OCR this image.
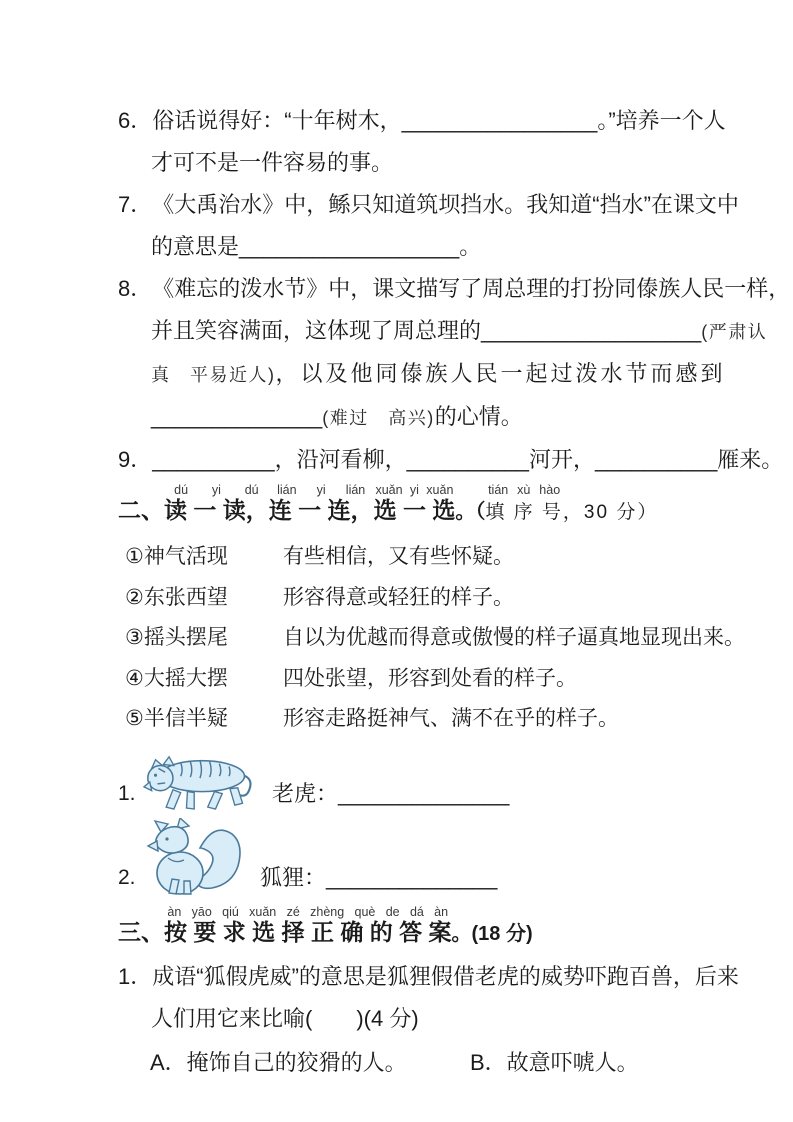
6．俗话说得好：“十年树木，________________。”培养一个人
才可不是一件容易的事。
7．《大禹治水》中，鲧只知道筑坝挡水。我知道“挡水”在课文中
的意思是__________________。
8．《难忘的泼水节》中，课文描写了周总理的打扮同傣族人民一样，
并且笑容满面，这体现了周总理的__________________(严肃认
真　平易近人)，以及他同傣族人民一起过泼水节而感到
______________(难过　高兴)的心情。
9．__________，沿河看柳，__________河开，__________雁来。
二、读 一 读，dú yi dú连 一 连，lián yi lián选 一 选xuǎn yi xuǎn。（填 序 号tián xù hào，30 分）
①神气活现	有些相信，又有些怀疑。
②东张西望	形容得意或轻狂的样子。
③摇头摆尾	自以为优越而得意或傲慢的样子逼真地显现出来。
④大摇大摆	四处张望，形容到处看的样子。
⑤半信半疑	形容走路挺神气、满不在乎的样子。
1.	老虎：______________
2.	狐狸：______________
三、按 要 求 选 择 正 确 的 答 案àn yāo qiú xuǎn zé zhèng què de dá àn。(18 分)
1．成语“狐假虎威”的意思是狐狸假借老虎的威势吓跑百兽，后来
人们用它来比喻(　　)(4 分)
A．掩饰自己的狡猾的人。	B．故意吓唬人。
